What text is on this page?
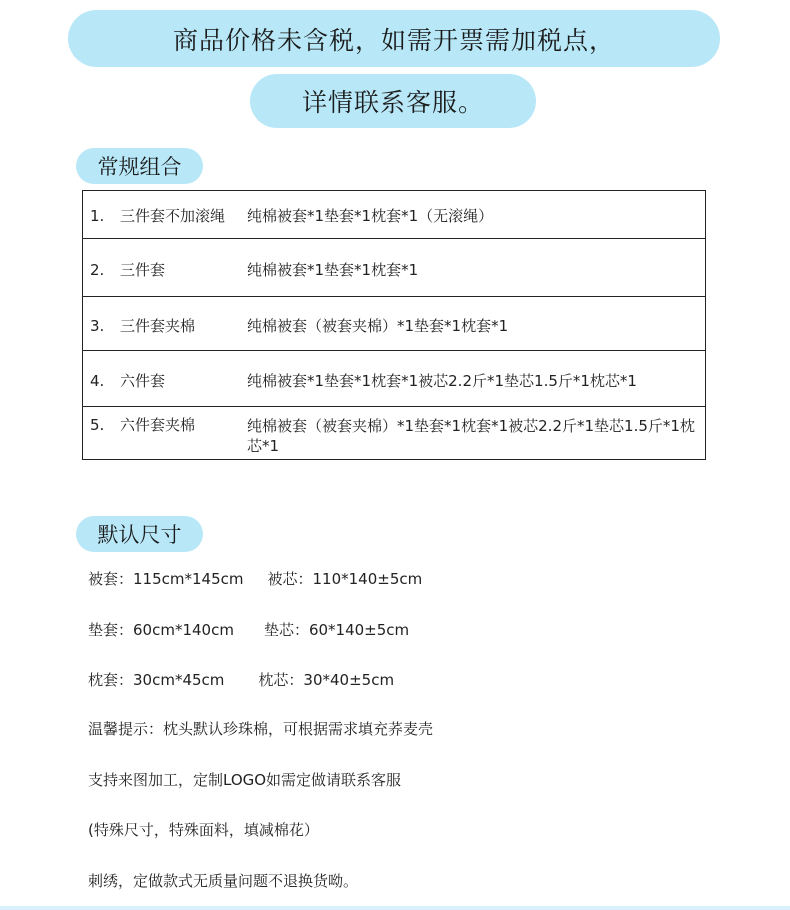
商品价格未含税，如需开票需加税点，
详情联系客服。
常规组合
1. 三件套不加滚绳 纯棉被套*1垫套*1枕套*1（无滚绳）
2. 三件套	纯棉被套*1垫套*1枕套*1
3. 三件套夹棉	纯棉被套（被套夹棉）*1垫套*1枕套*1
4. 六件套	纯棉被套*1垫套*1枕套*1被芯2.2斤*1垫芯1.5斤*1枕芯*1
5. 六件套夹棉	纯棉被套（被套夹棉）*1垫套*1枕套*1被芯2.2斤*1垫芯1.5斤*1枕芯*1
默认尺寸
被套：115cm*145cm 被芯：110*140±5cm
垫套：60cm*140cm 垫芯：60*140±5cm
枕套：30cm*45cm 枕芯：30*40±5cm
温馨提示：枕头默认珍珠棉，可根据需求填充荞麦壳
支持来图加工，定制LOGO如需定做请联系客服
(特殊尺寸，特殊面料，填减棉花）
刺绣，定做款式无质量问题不退换货呦。
